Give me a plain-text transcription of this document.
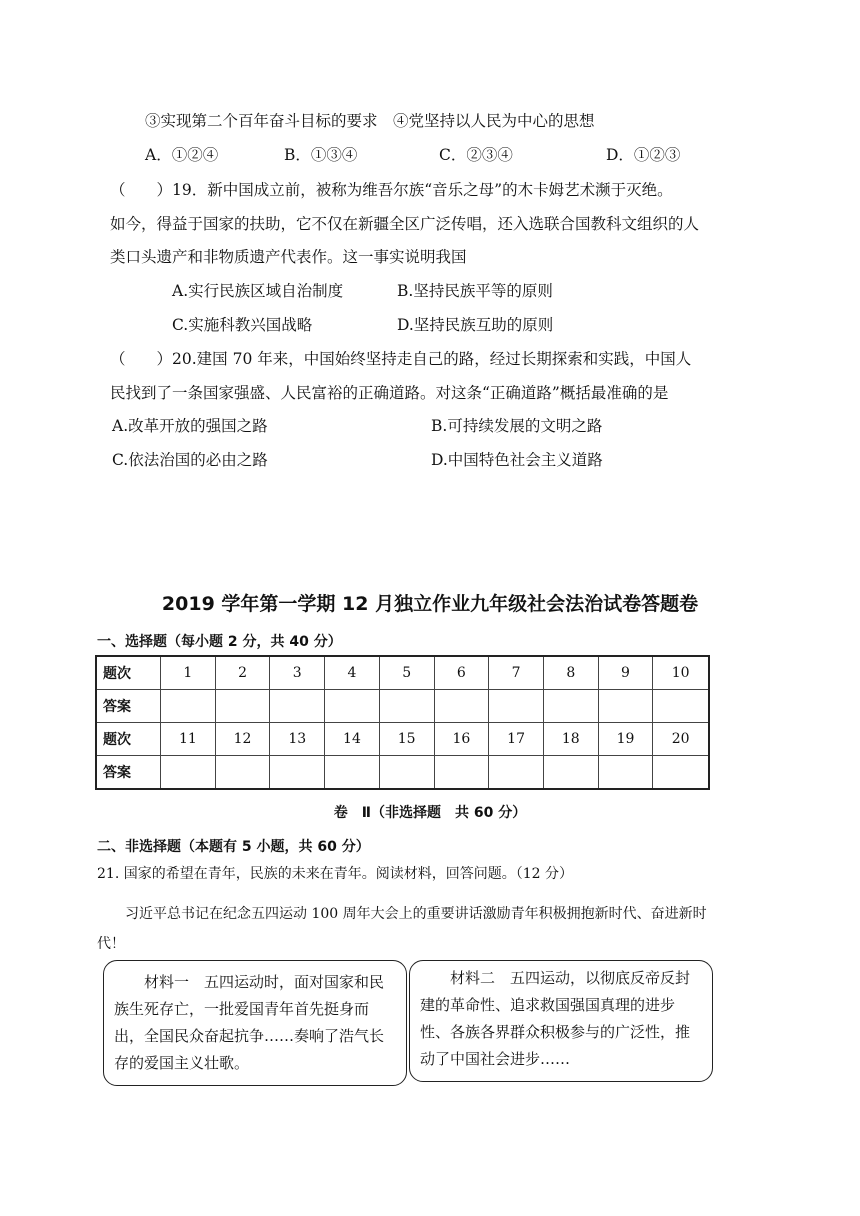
③实现第二个百年奋斗目标的要求　④党坚持以人民为中心的思想
A．①②④	B．①③④	C．②③④	D．①②③
（　　）19．新中国成立前，被称为维吾尔族“音乐之母”的木卡姆艺术濒于灭绝。
如今，得益于国家的扶助，它不仅在新疆全区广泛传唱，还入选联合国教科文组织的人
类口头遗产和非物质遗产代表作。这一事实说明我国
A.实行民族区域自治制度	B.坚持民族平等的原则
C.实施科教兴国战略	D.坚持民族互助的原则
（　　）20.建国 70 年来，中国始终坚持走自己的路，经过长期探索和实践，中国人
民找到了一条国家强盛、人民富裕的正确道路。对这条“正确道路”概括最准确的是
A.改革开放的强国之路	B.可持续发展的文明之路
C.依法治国的必由之路	D.中国特色社会主义道路
2019 学年第一学期 12 月独立作业九年级社会法治试卷答题卷
一、选择题（每小题 2 分，共 40 分）
题次	1	2	3	4	5	6	7	8	9	10
答案										
题次	11	12	13	14	15	16	17	18	19	20
答案										
卷　Ⅱ（非选择题　共 60 分）
二、非选择题（本题有 5 小题，共 60 分）
21. 国家的希望在青年，民族的未来在青年。阅读材料，回答问题。（12 分）
习近平总书记在纪念五四运动 100 周年大会上的重要讲话激励青年积极拥抱新时代、奋进新时
代！

材料一　五四运动时，面对国家和民族生死存亡，一批爱国青年首先挺身而出，全国民众奋起抗争……奏响了浩气长存的爱国主义壮歌。

材料二　五四运动，以彻底反帝反封建的革命性、追求救国强国真理的进步性、各族各界群众积极参与的广泛性，推动了中国社会进步……
